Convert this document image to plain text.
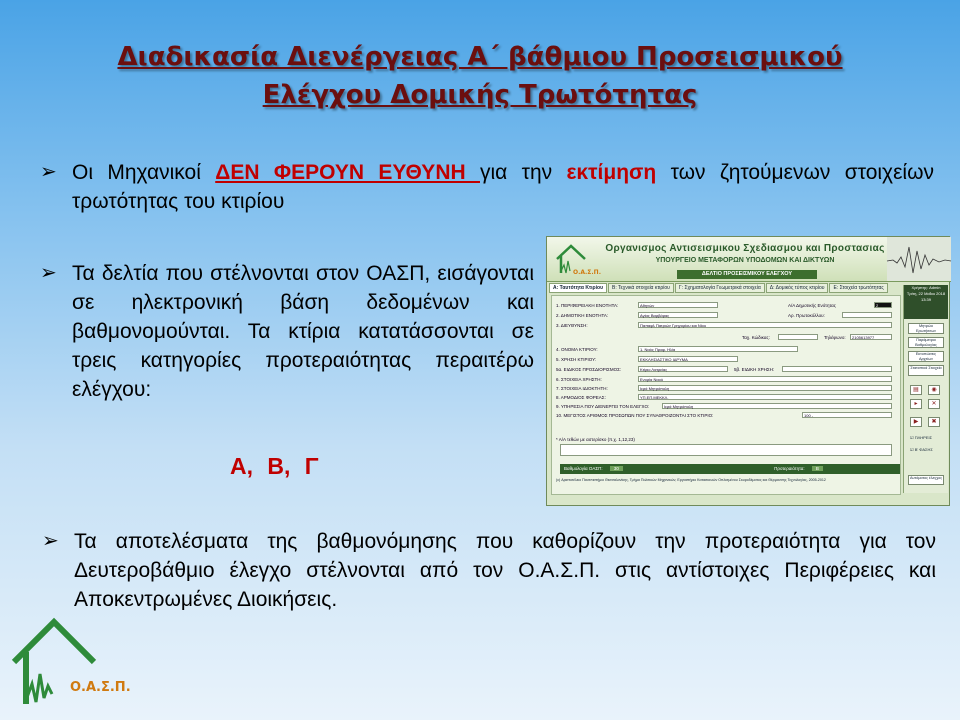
Διαδικασία Διενέργειας Α΄ βάθμιου Προσεισμικού
Ελέγχου Δομικής Τρωτότητας
➢ Οι Μηχανικοί ΔΕΝ ΦΕΡΟΥΝ ΕΥΘΥΝΗ για την εκτίμηση των ζητούμενων στοιχείων τρωτότητας του κτιρίου
➢ Τα δελτία που στέλνονται στον ΟΑΣΠ, εισάγονται σε ηλεκτρονική βάση δεδομένων και βαθμονομούνται. Τα κτίρια κατατάσσονται σε τρεις κατηγορίες προτεραιότητας περαιτέρω ελέγχου:
Α, Β, Γ
Ο.Α.Σ.Π.
Οργανισμος Αντισεισμικου Σχεδιασμου και Προστασιας
ΥΠΟΥΡΓΕΙΟ ΜΕΤΑΦΟΡΩΝ ΥΠΟΔΟΜΩΝ ΚΑΙ ΔΙΚΤΥΩΝ
ΔΕΛΤΙΟ ΠΡΟΣΕΙΣΜΙΚΟΥ ΕΛΕΓΧΟΥ
Α: Ταυτότητα Κτιρίου	Β: Τεχνικά στοιχεία κτιρίου	Γ: Σχηματολογία Γεωμετρικά στοιχεία	Δ: Δομικός τύπος κτιρίου	Ε: Στοιχεία τρωτότητας
1. ΠΕΡΙΦΕΡΕΙΑΚΗ ΕΝΟΤΗΤΑ:	Αθηνών	Α/Α Δημοτικής Ενότητας	2
2. ΔΗΜΟΤΙΚΗ ΕΝΟΤΗΤΑ:	Αγίας Βαρβάρας	Αρ. Πρωτοκόλλου:
3. ΔΙΕΥΘΥΝΣΗ:	Παπαφλ Πατριών Γρηγορίου και Νίου
Ταχ. Κώδικας:	Τηλέφωνο:	2105613977
4. ΟΝΟΜΑ ΚΤΙΡΙΟΥ:	1. Ναός Προφ. Ηλία
5. ΧΡΗΣΗ ΚΤΙΡΙΟΥ:	ΕΚΚΛΗΣΙΑΣΤΙΚΟ ΙΔΡΥΜΑ
5α. ΕΙΔΙΚΟΣ ΠΡΟΣΔΙΟΡΙΣΜΟΣ:	Κτίριο Λατρείας	5β. ΕΙΔΙΚΗ ΧΡΗΣΗ:
6. ΣΤΟΙΧΕΙΑ ΧΡΗΣΤΗ:	Ενορία Ναού
7. ΣΤΟΙΧΕΙΑ ΙΔΙΟΚΤΗΤΗ:	Ιερά Μητρόπολη
8. ΑΡΜΟΔΙΟΣ ΦΟΡΕΑΣ:	ΥΠ.ΕΠ.ΜΕΚΚΛ.
9. ΥΠΗΡΕΣΙΑ ΠΟΥ ΔΙΕΝΕΡΓΕΙ ΤΟΝ ΕΛΕΓΧΟ:	Ιερά Μητρόπολη
10. ΜΕΓΙΣΤΟΣ ΑΡΙΘΜΟΣ ΠΡΟΣΩΠΩΝ ΠΟΥ ΣΥΝΑΘΡΟΙΖΟΝΤΑΙ ΣΤΟ ΚΤΙΡΙΟ:	100 -
* Α/Α τεθών με αστερίσκο (π.χ. 1,12,23)
Βαθμολογία ΟΑΣΠ:	30	Προτεραιότητα:	B
(c) Αριστοτέλειο Πανεπιστήμιο Θεσσαλονίκης, Τμήμα Πολιτικών Μηχανικών, Εργαστήριο Κατασκευών Οπλισμένου Σκυροδέματος και Θέρμανσης Τεχνολογίας, 2005-2012
Χρήστης: Admin
Τρίτη, 22 Μαΐου 2018
13:39
Μητρώο Ερωτήσεων
Παράμετροι Βαθμολογίας
Εκτυπώσεις Αρχείων
Στατιστικά Στοιχεία
▤	◉
▸	✕
▶	✖
☑ ΠΛΗΡΕΙΣ
☑ Β' ΦΑΣΗΣ
Αυτόματος έλεγχος
➢ Τα αποτελέσματα της βαθμονόμησης που καθορίζουν την προτεραιότητα για τον Δευτεροβάθμιο έλεγχο στέλνονται από τον Ο.Α.Σ.Π. στις αντίστοιχες Περιφέρειες και Αποκεντρωμένες Διοικήσεις.
Ο.Α.Σ.Π.
